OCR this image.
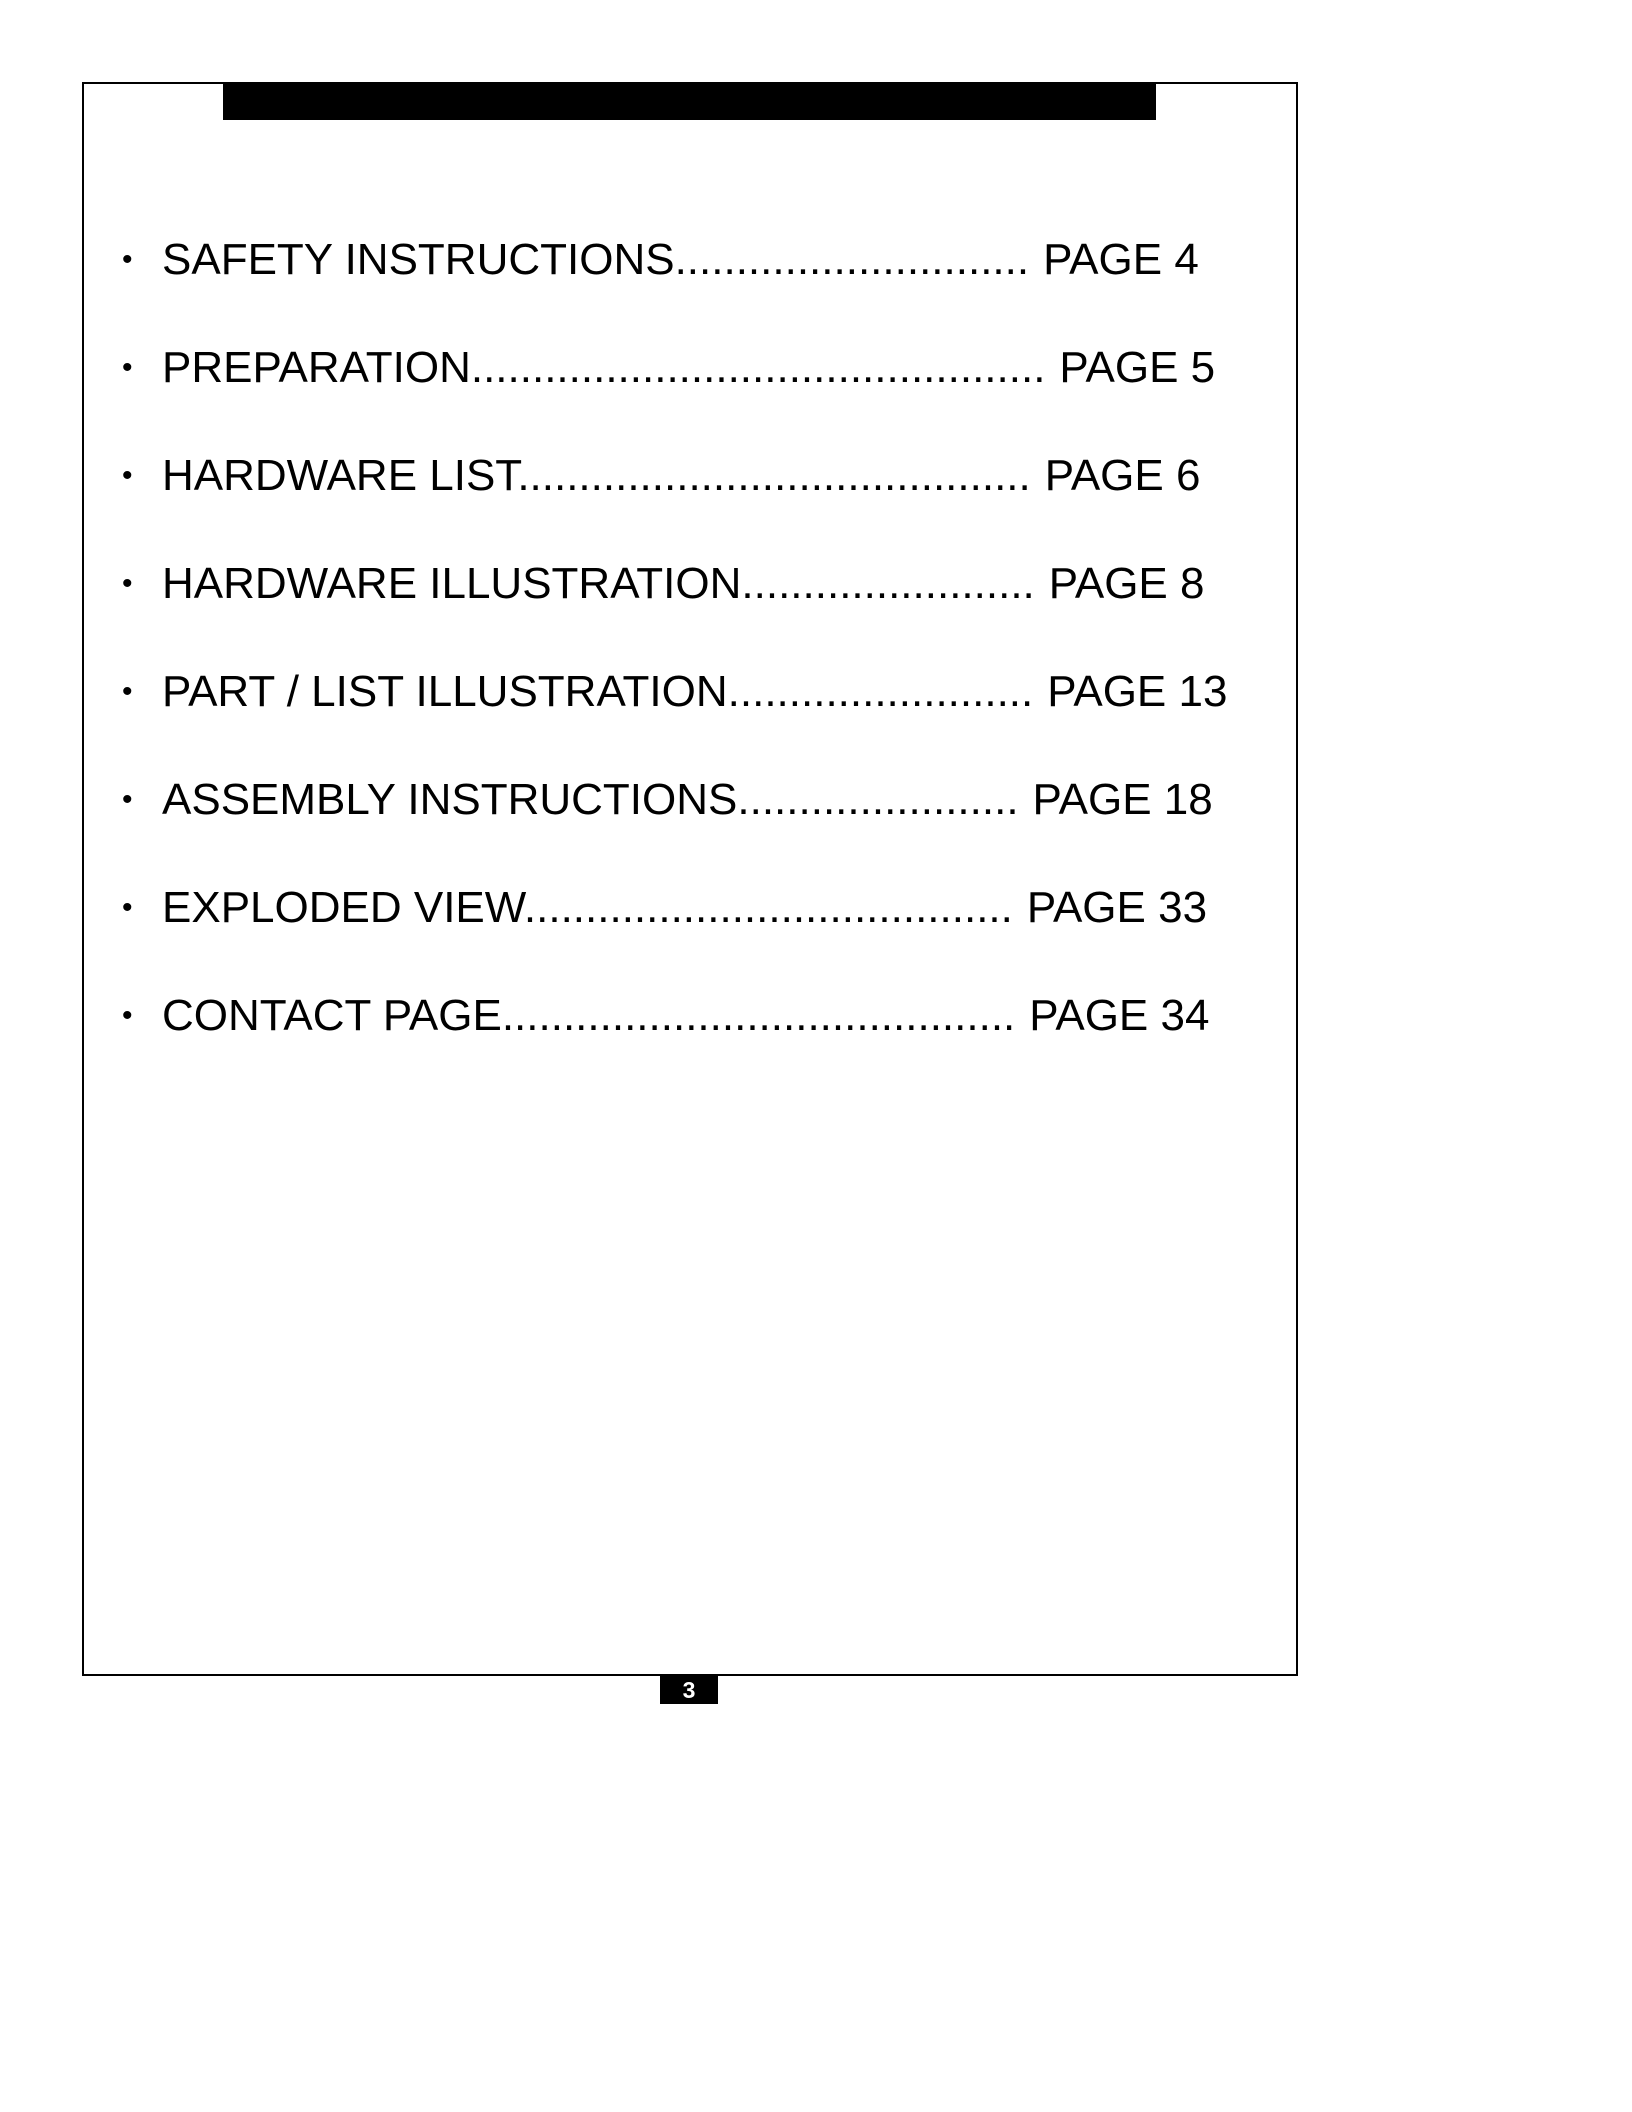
• SAFETY INSTRUCTIONS............................. PAGE 4
• PREPARATION............................................... PAGE 5
• HARDWARE LIST.......................................... PAGE 6
• HARDWARE ILLUSTRATION........................ PAGE 8
• PART / LIST ILLUSTRATION......................... PAGE 13
• ASSEMBLY INSTRUCTIONS....................... PAGE 18
• EXPLODED VIEW........................................ PAGE 33
• CONTACT PAGE.......................................... PAGE 34
3
